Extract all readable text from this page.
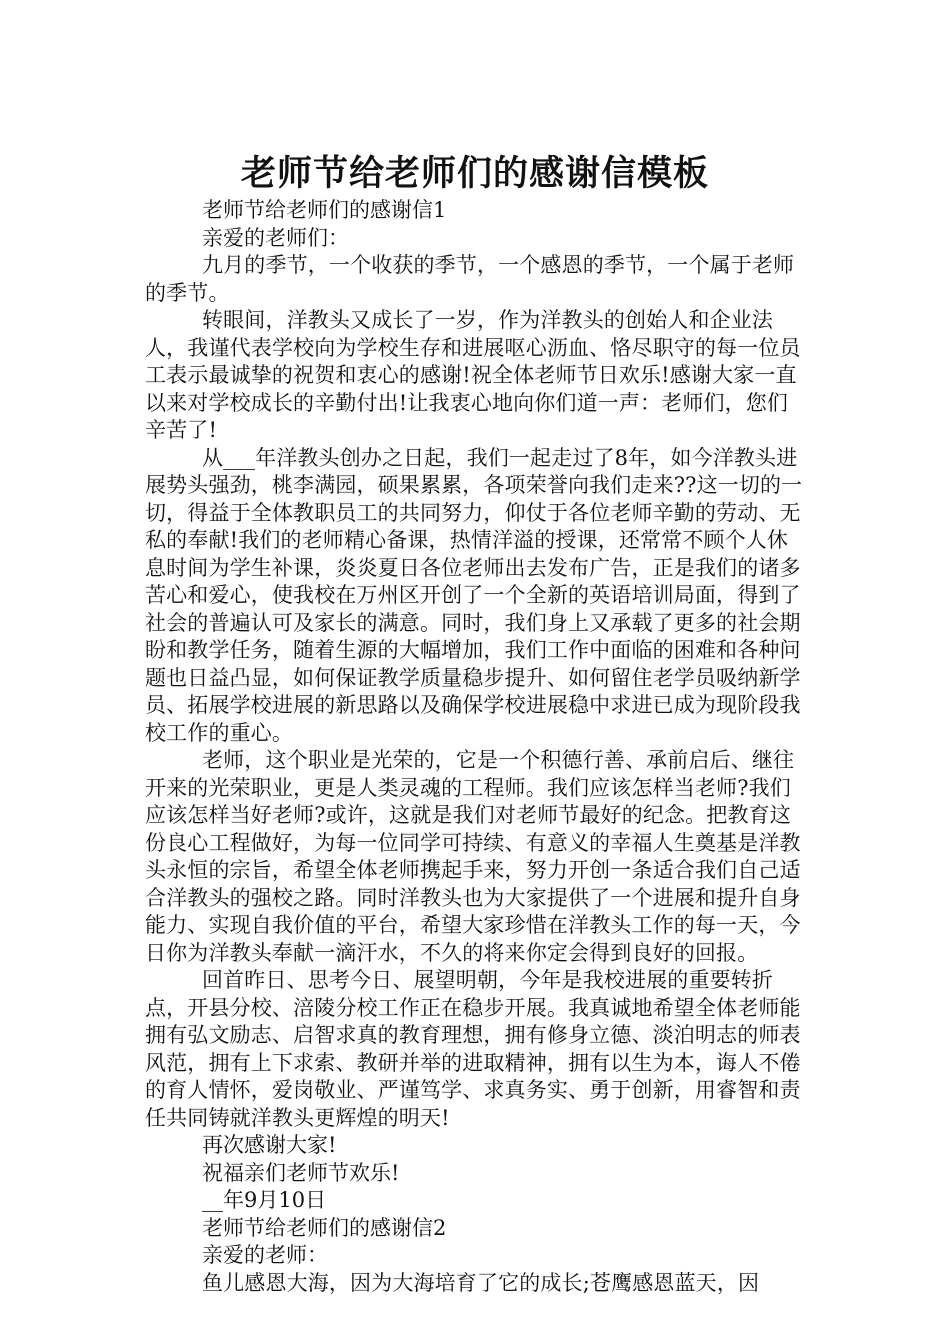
老师节给老师们的感谢信模板

老师节给老师们的感谢信1

亲爱的老师们：

九月的季节，一个收获的季节，一个感恩的季节，一个属于老师的季节。

转眼间，洋教头又成长了一岁，作为洋教头的创始人和企业法人，我谨代表学校向为学校生存和进展呕心沥血、恪尽职守的每一位员工表示最诚挚的祝贺和衷心的感谢!祝全体老师节日欢乐!感谢大家一直以来对学校成长的辛勤付出!让我衷心地向你们道一声：老师们，您们辛苦了!

从___年洋教头创办之日起，我们一起走过了8年，如今洋教头进展势头强劲，桃李满园，硕果累累，各项荣誉向我们走来??这一切的一切，得益于全体教职员工的共同努力，仰仗于各位老师辛勤的劳动、无私的奉献!我们的老师精心备课，热情洋溢的授课，还常常不顾个人休息时间为学生补课，炎炎夏日各位老师出去发布广告，正是我们的诸多苦心和爱心，使我校在万州区开创了一个全新的英语培训局面，得到了社会的普遍认可及家长的满意。同时，我们身上又承载了更多的社会期盼和教学任务，随着生源的大幅增加，我们工作中面临的困难和各种问题也日益凸显，如何保证教学质量稳步提升、如何留住老学员吸纳新学员、拓展学校进展的新思路以及确保学校进展稳中求进已成为现阶段我校工作的重心。

老师，这个职业是光荣的，它是一个积德行善、承前启后、继往开来的光荣职业，更是人类灵魂的工程师。我们应该怎样当老师?我们应该怎样当好老师?或许，这就是我们对老师节最好的纪念。把教育这份良心工程做好，为每一位同学可持续、有意义的幸福人生奠基是洋教头永恒的宗旨，希望全体老师携起手来，努力开创一条适合我们自己适合洋教头的强校之路。同时洋教头也为大家提供了一个进展和提升自身能力、实现自我价值的平台，希望大家珍惜在洋教头工作的每一天，今日你为洋教头奉献一滴汗水，不久的将来你定会得到良好的回报。

回首昨日、思考今日、展望明朝，今年是我校进展的重要转折点，开县分校、涪陵分校工作正在稳步开展。我真诚地希望全体老师能拥有弘文励志、启智求真的教育理想，拥有修身立德、淡泊明志的师表风范，拥有上下求索、教研并举的进取精神，拥有以生为本，诲人不倦的育人情怀，爱岗敬业、严谨笃学、求真务实、勇于创新，用睿智和责任共同铸就洋教头更辉煌的明天!

再次感谢大家!

祝福亲们老师节欢乐!

__年9月10日

老师节给老师们的感谢信2

亲爱的老师：

鱼儿感恩大海，因为大海培育了它的成长;苍鹰感恩蓝天，因
